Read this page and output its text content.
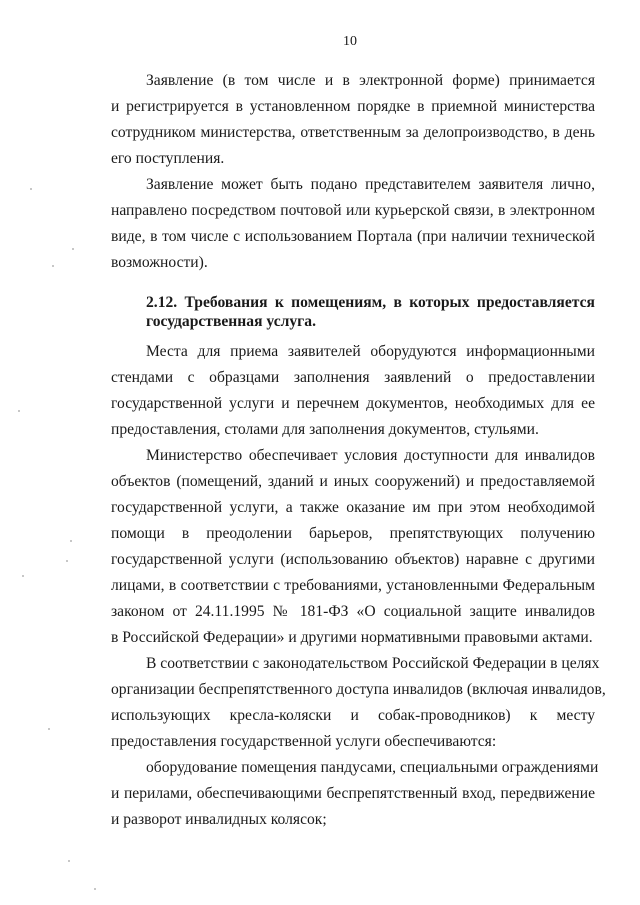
10
Заявление (в том числе и в электронной форме) принимается
и регистрируется в установленном порядке в приемной министерства
сотрудником министерства, ответственным за делопроизводство, в день
его поступления.
Заявление может быть подано представителем заявителя лично,
направлено посредством почтовой или курьерской связи, в электронном
виде, в том числе с использованием Портала (при наличии технической
возможности).
2.12. Требования к помещениям, в которых предоставляется
государственная услуга.
Места для приема заявителей оборудуются информационными
стендами с образцами заполнения заявлений о предоставлении
государственной услуги и перечнем документов, необходимых для ее
предоставления, столами для заполнения документов, стульями.
Министерство обеспечивает условия доступности для инвалидов
объектов (помещений, зданий и иных сооружений) и предоставляемой
государственной услуги, а также оказание им при этом необходимой
помощи в преодолении барьеров, препятствующих получению
государственной услуги (использованию объектов) наравне с другими
лицами, в соответствии с требованиями, установленными Федеральным
законом от 24.11.1995 № 181-ФЗ «О социальной защите инвалидов
в Российской Федерации» и другими нормативными правовыми актами.
В соответствии с законодательством Российской Федерации в целях
организации беспрепятственного доступа инвалидов (включая инвалидов,
использующих кресла-коляски и собак-проводников) к месту
предоставления государственной услуги обеспечиваются:
оборудование помещения пандусами, специальными ограждениями
и перилами, обеспечивающими беспрепятственный вход, передвижение
и разворот инвалидных колясок;
